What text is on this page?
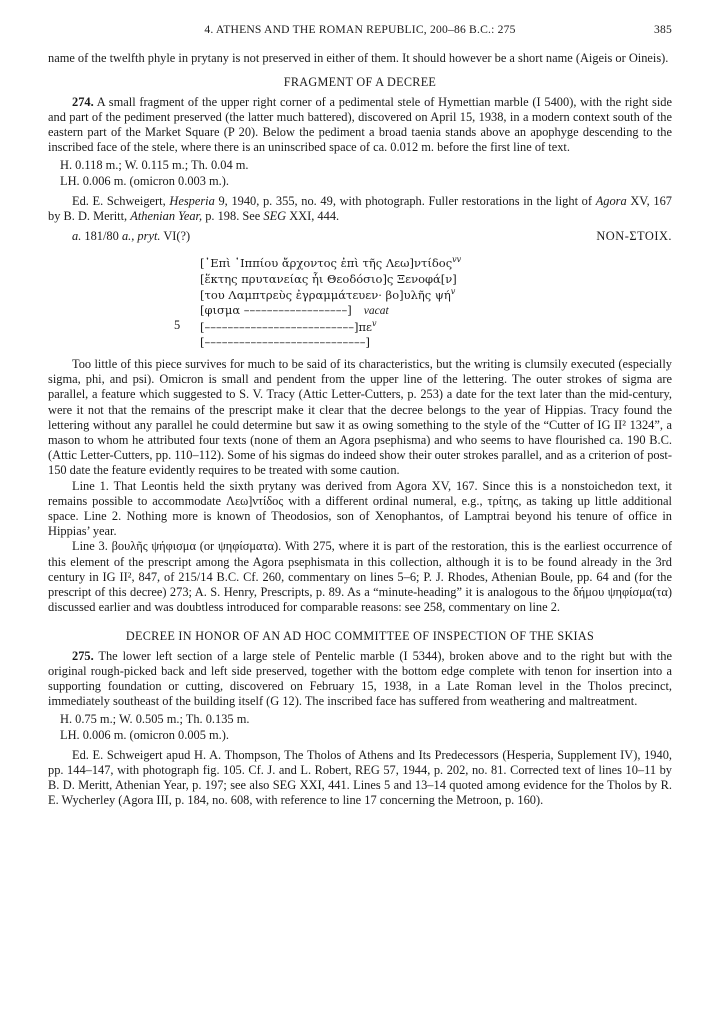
4. ATHENS AND THE ROMAN REPUBLIC, 200–86 B.C.: 275	385

name of the twelfth phyle in prytany is not preserved in either of them. It should however be a short name (Aigeis or Oineis).

FRAGMENT OF A DECREE

274. A small fragment of the upper right corner of a pedimental stele of Hymettian marble (I 5400), with the right side and part of the pediment preserved (the latter much battered), discovered on April 15, 1938, in a modern context south of the eastern part of the Market Square (P 20). Below the pediment a broad taenia stands above an apophyge descending to the inscribed face of the stele, where there is an uninscribed space of ca. 0.012 m. before the first line of text.

H. 0.118 m.; W. 0.115 m.; Th. 0.04 m.
LH. 0.006 m. (omicron 0.003 m.).

Ed. E. Schweigert, Hesperia 9, 1940, p. 355, no. 49, with photograph. Fuller restorations in the light of Agora XV, 167 by B. D. Meritt, Athenian Year, p. 198. See SEG XXI, 444.

a. 181/80 a., pryt. VI(?)	NON-ΣΤΟΙΧ.
5
[᾿Επὶ ῾Ιππίου ἄρχοντος ἐπὶ τῆς Λεω]ντίδος$^{vv}$
[ἕκτης πρυτανείας ἧι Θεοδόσιο]ς Ξενοφά[ν]
[του Λαμπτρεὺς ἐγραμμάτευεν· βο]υλῆς $\psi ή^v$
[φισμα ––––––––––––––––––] vacat
$[--------------------------]\pi\varepsilon^v$
[––––––––––––––––––––––––––––]

Too little of this piece survives for much to be said of its characteristics, but the writing is clumsily executed (especially sigma, phi, and psi). Omicron is small and pendent from the upper line of the lettering. The outer strokes of sigma are parallel, a feature which suggested to S. V. Tracy (Attic Letter-Cutters, p. 253) a date for the text later than the mid-century, were it not that the remains of the prescript make it clear that the decree belongs to the year of Hippias. Tracy found the lettering without any parallel he could determine but saw it as owing something to the style of the “Cutter of IG II² 1324”, a mason to whom he attributed four texts (none of them an Agora psephisma) and who seems to have flourished ca. 190 B.C. (Attic Letter-Cutters, pp. 110–112). Some of his sigmas do indeed show their outer strokes parallel, and as a criterion of post-150 date the feature evidently requires to be treated with some caution.

Line 1. That Leontis held the sixth prytany was derived from Agora XV, 167. Since this is a nonstoichedon text, it remains possible to accommodate Λεω]ντίδος with a different ordinal numeral, e.g., τρίτης, as taking up little additional space. Line 2. Nothing more is known of Theodosios, son of Xenophantos, of Lamptrai beyond his tenure of office in Hippias’ year.

Line 3. βουλῆς ψήφισμα (or ψηφίσματα). With 275, where it is part of the restoration, this is the earliest occurrence of this element of the prescript among the Agora psephismata in this collection, although it is to be found already in the 3rd century in IG II², 847, of 215/14 B.C. Cf. 260, commentary on lines 5–6; P. J. Rhodes, Athenian Boule, pp. 64 and (for the prescript of this decree) 273; A. S. Henry, Prescripts, p. 89. As a “minute-heading” it is analogous to the δήμου ψηφίσμα(τα) discussed earlier and was doubtless introduced for comparable reasons: see 258, commentary on line 2.

DECREE IN HONOR OF AN AD HOC COMMITTEE OF INSPECTION OF THE SKIAS

275. The lower left section of a large stele of Pentelic marble (I 5344), broken above and to the right but with the original rough-picked back and left side preserved, together with the bottom edge complete with tenon for insertion into a supporting foundation or cutting, discovered on February 15, 1938, in a Late Roman level in the Tholos precinct, immediately southeast of the building itself (G 12). The inscribed face has suffered from weathering and maltreatment.

H. 0.75 m.; W. 0.505 m.; Th. 0.135 m.
LH. 0.006 m. (omicron 0.005 m.).

Ed. E. Schweigert apud H. A. Thompson, The Tholos of Athens and Its Predecessors (Hesperia, Supplement IV), 1940, pp. 144–147, with photograph fig. 105. Cf. J. and L. Robert, REG 57, 1944, p. 202, no. 81. Corrected text of lines 10–11 by B. D. Meritt, Athenian Year, p. 197; see also SEG XXI, 441. Lines 5 and 13–14 quoted among evidence for the Tholos by R. E. Wycherley (Agora III, p. 184, no. 608, with reference to line 17 concerning the Metroon, p. 160).
